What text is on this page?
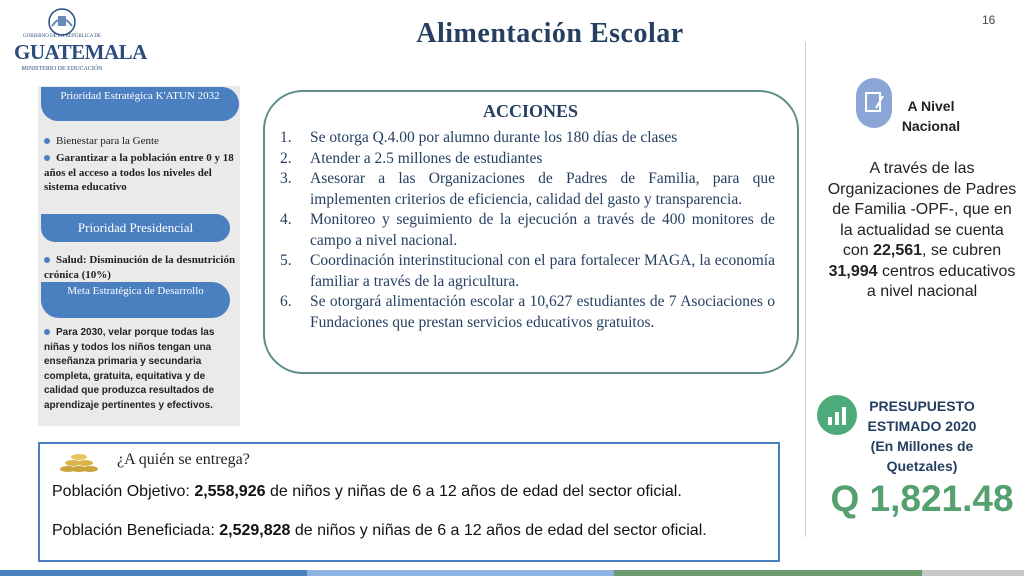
Alimentación Escolar	16
GOBIERNO DE LA REPÚBLICA DE
GUATEMALA
MINISTERIO DE EDUCACIÓN
Prioridad Estratégica K'ATUN 2032
Bienestar para la Gente
Garantizar a la población entre 0 y 18 años el acceso a todos los niveles del sistema educativo
Prioridad Presidencial
Salud: Disminución de la desnutrición crónica (10%)
Meta Estratégica de Desarrollo
Para 2030, velar porque todas las niñas y todos los niños tengan una enseñanza primaria y secundaria completa, gratuita, equitativa y de calidad que produzca resultados de aprendizaje pertinentes y efectivos.
ACCIONES
1.	Se otorga Q.4.00 por alumno durante los 180 días de clases
2.	Atender a 2.5 millones de estudiantes
3.	Asesorar a las Organizaciones de Padres de Familia, para que implementen criterios de eficiencia, calidad del gasto y transparencia.
4.	Monitoreo y seguimiento de la ejecución a través de 400 monitores de campo a nivel nacional.
5.	Coordinación interinstitucional con el para fortalecer MAGA, la economía familiar a través de la agricultura.
6.	Se otorgará alimentación escolar a 10,627 estudiantes de 7 Asociaciones o Fundaciones que prestan servicios educativos gratuitos.
A Nivel Nacional
A través de las Organizaciones de Padres de Familia -OPF-, que en la actualidad se cuenta con 22,561, se cubren 31,994 centros educativos a nivel nacional
PRESUPUESTO ESTIMADO 2020 (En Millones de Quetzales)
Q 1,821.48
¿A quién se entrega?
Población Objetivo: 2,558,926 de niños y niñas de 6 a 12 años de edad del sector oficial.
Población Beneficiada: 2,529,828 de niños y niñas de 6 a 12 años de edad del sector oficial.
